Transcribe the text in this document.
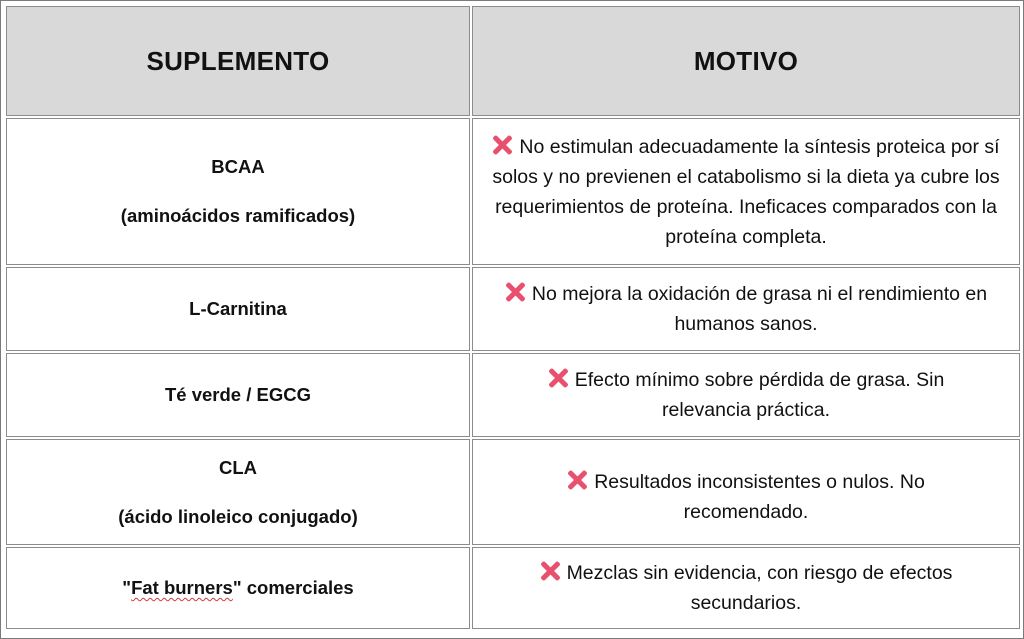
SUPLEMENTO	MOTIVO

BCAA
(aminoácidos ramificados)	No estimulan adecuadamente la síntesis proteica por sí solos y no previenen el catabolismo si la dieta ya cubre los requerimientos de proteína. Ineficaces comparados con la proteína completa.

L-Carnitina	No mejora la oxidación de grasa ni el rendimiento en humanos sanos.

Té verde / EGCG	Efecto mínimo sobre pérdida de grasa. Sin relevancia práctica.

CLA
(ácido linoleico conjugado)	Resultados inconsistentes o nulos. No recomendado.
"Fat burners" comerciales	Mezclas sin evidencia, con riesgo de efectos secundarios.
